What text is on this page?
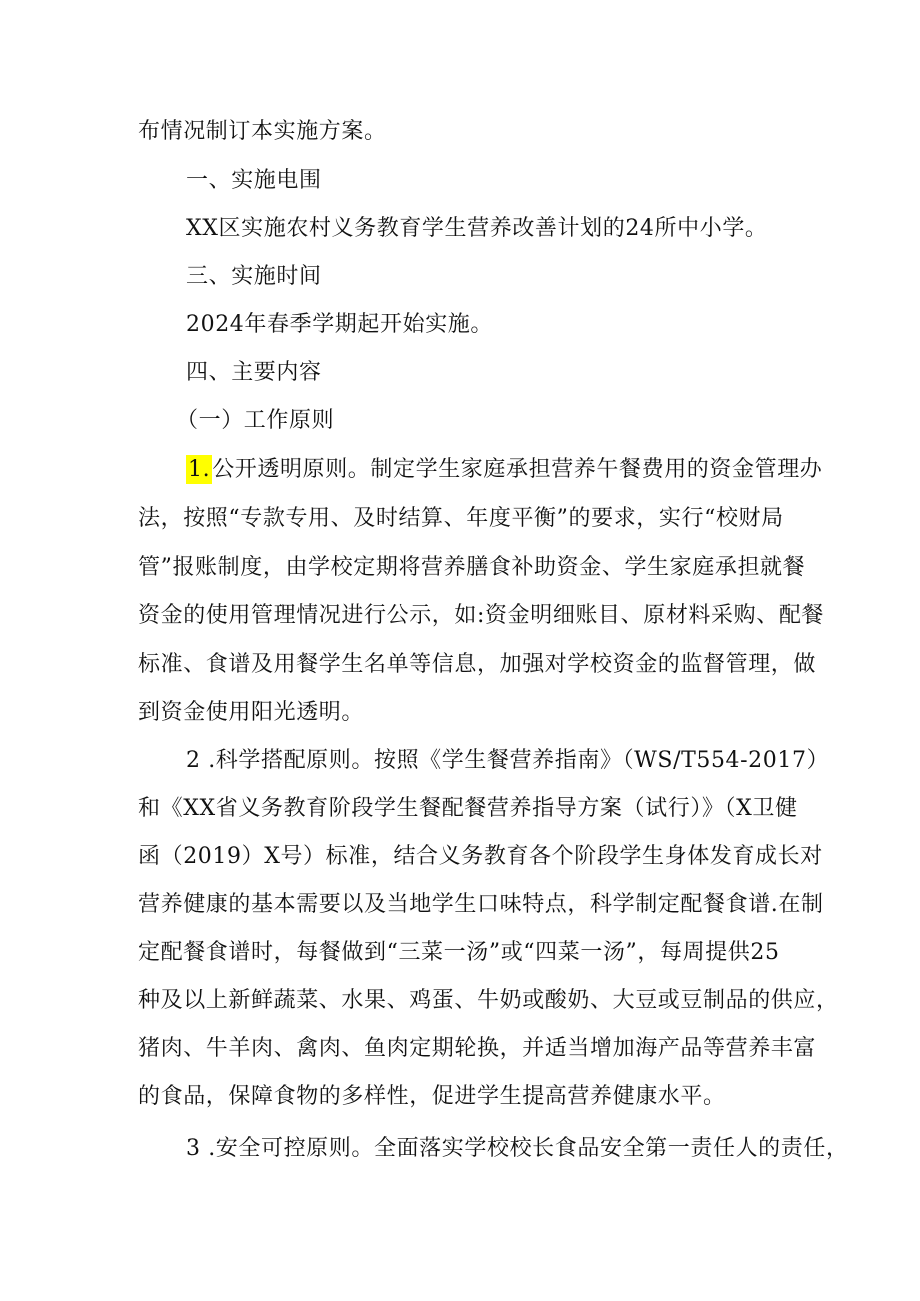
布情况制订本实施方案。
一、实施电围
XX区实施农村义务教育学生营养改善计划的24所中小学。
三、实施时间
2024年春季学期起开始实施。
四、主要内容
（一）工作原则
1.公开透明原则。制定学生家庭承担营养午餐费用的资金管理办
法，按照“专款专用、及时结算、年度平衡”的要求，实行“校财局
管”报账制度，由学校定期将营养膳食补助资金、学生家庭承担就餐
资金的使用管理情况进行公示，如:资金明细账目、原材料采购、配餐
标准、食谱及用餐学生名单等信息，加强对学校资金的监督管理，做
到资金使用阳光透明。
2 .科学搭配原则。按照《学生餐营养指南》（WS/T554-2017）
和《XX省义务教育阶段学生餐配餐营养指导方案（试行）》（X卫健
函（2019）X号）标准，结合义务教育各个阶段学生身体发育成长对
营养健康的基本需要以及当地学生口味特点，科学制定配餐食谱.在制
定配餐食谱时，每餐做到“三菜一汤”或“四菜一汤”，每周提供25
种及以上新鲜蔬菜、水果、鸡蛋、牛奶或酸奶、大豆或豆制品的供应，
猪肉、牛羊肉、禽肉、鱼肉定期轮换，并适当增加海产品等营养丰富
的食品，保障食物的多样性，促进学生提高营养健康水平。
3 .安全可控原则。全面落实学校校长食品安全第一责任人的责任，
